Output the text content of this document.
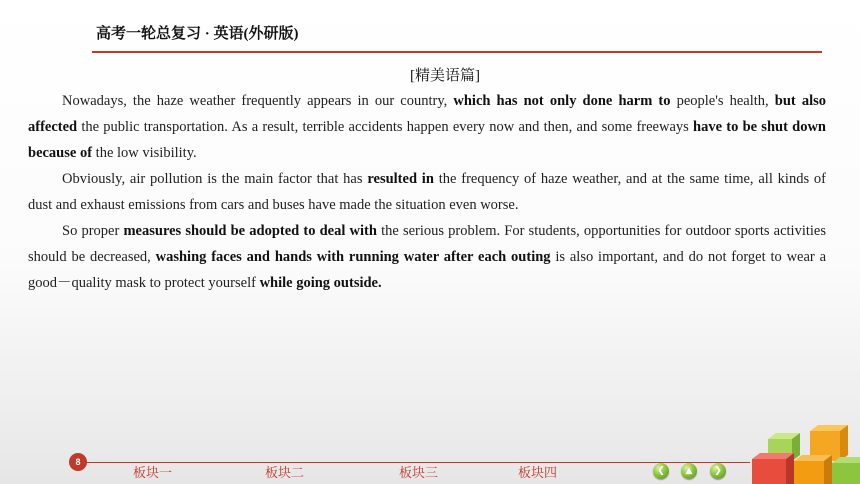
高考一轮总复习 · 英语(外研版)
[精美语篇]

Nowadays, the haze weather frequently appears in our country, which has not only done harm to people's health, but also affected the public transportation. As a result, terrible accidents happen every now and then, and some freeways have to be shut down because of the low visibility.

Obviously, air pollution is the main factor that has resulted in the frequency of haze weather, and at the same time, all kinds of dust and exhaust emissions from cars and buses have made the situation even worse.

So proper measures should be adopted to deal with the serious problem. For students, opportunities for outdoor sports activities should be decreased, washing faces and hands with running water after each outing is also important, and do not forget to wear a good－quality mask to protect yourself while going outside.

8
板块一	板块二	板块三	板块四	❮	▲	❯
